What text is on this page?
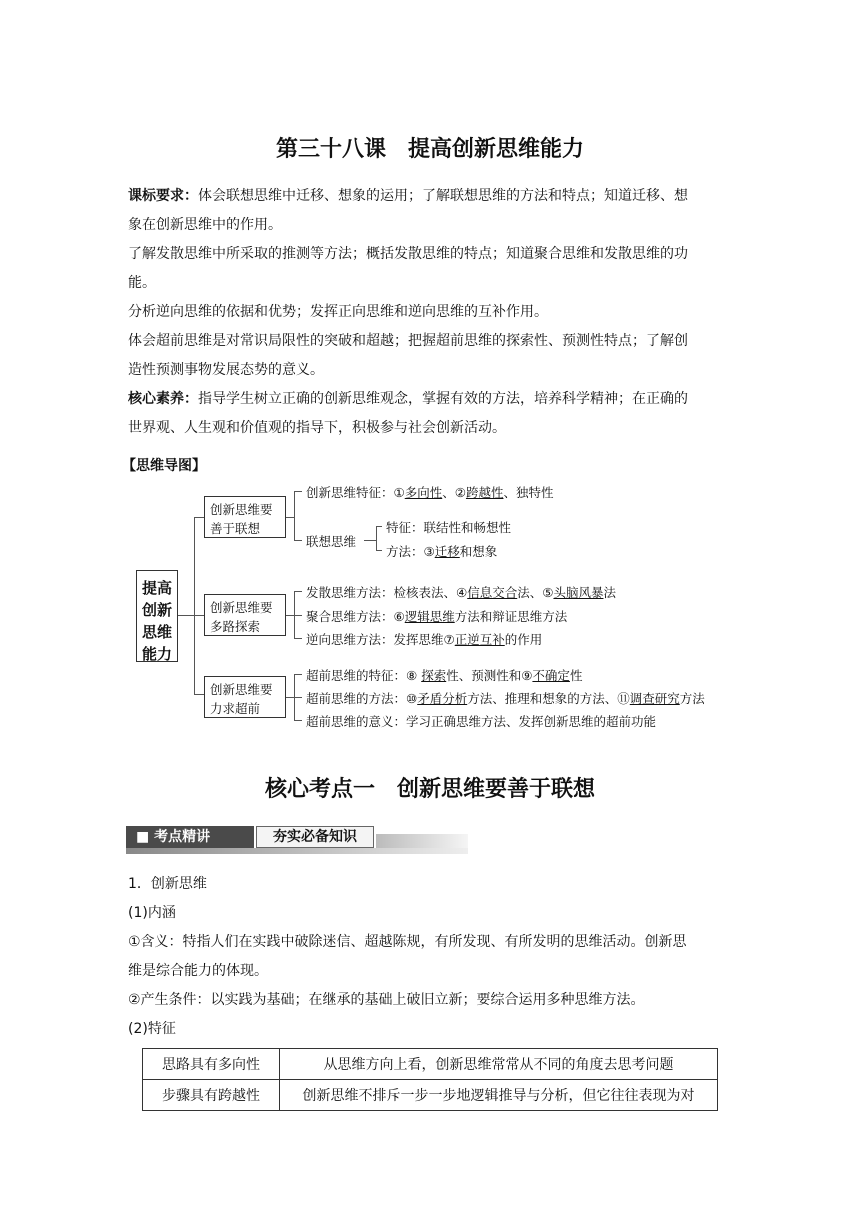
第三十八课　提高创新思维能力
课标要求：体会联想思维中迁移、想象的运用；了解联想思维的方法和特点；知道迁移、想
象在创新思维中的作用。
了解发散思维中所采取的推测等方法；概括发散思维的特点；知道聚合思维和发散思维的功
能。
分析逆向思维的依据和优势；发挥正向思维和逆向思维的互补作用。
体会超前思维是对常识局限性的突破和超越；把握超前思维的探索性、预测性特点；了解创
造性预测事物发展态势的意义。
核心素养：指导学生树立正确的创新思维观念，掌握有效的方法，培养科学精神；在正确的
世界观、人生观和价值观的指导下，积极参与社会创新活动。
【思维导图】
提高
创新
思维
能力
创新思维要
善于联想
创新思维要
多路探索
创新思维要
力求超前
创新思维特征：①多向性、②跨越性、独特性
联想思维
特征：联结性和畅想性
方法：③迁移和想象
发散思维方法：检核表法、④信息交合法、⑤头脑风暴法
聚合思维方法：⑥逻辑思维方法和辩证思维方法
逆向思维方法：发挥思维⑦正逆互补的作用
超前思维的特征：⑧ 探索性、预测性和⑨不确定性
超前思维的方法：⑩矛盾分析方法、推理和想象的方法、⑪调查研究方法
超前思维的意义：学习正确思维方法、发挥创新思维的超前功能
核心考点一　创新思维要善于联想
■ 考点精讲	夯实必备知识
1．创新思维
(1)内涵
①含义：特指人们在实践中破除迷信、超越陈规，有所发现、有所发明的思维活动。创新思
维是综合能力的体现。
②产生条件：以实践为基础；在继承的基础上破旧立新；要综合运用多种思维方法。
(2)特征
思路具有多向性	从思维方向上看，创新思维常常从不同的角度去思考问题
步骤具有跨越性	创新思维不排斥一步一步地逻辑推导与分析，但它往往表现为对
